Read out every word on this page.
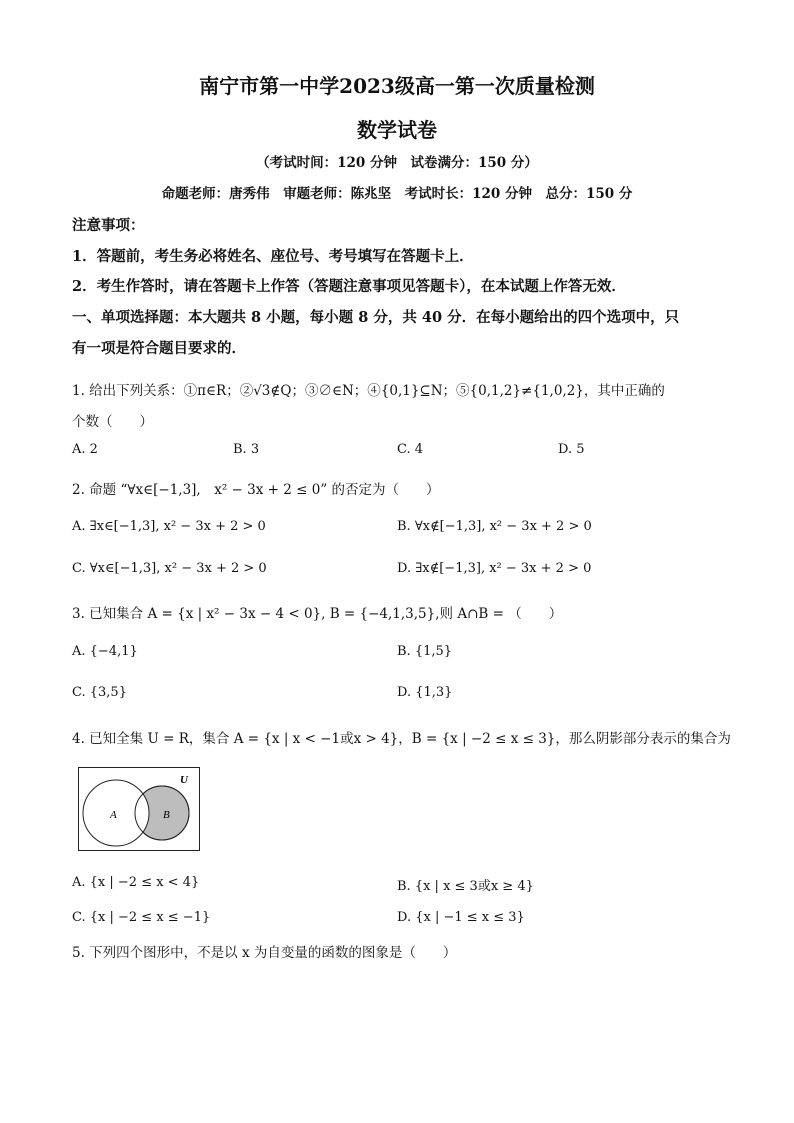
南宁市第一中学2023级高一第一次质量检测
数学试卷
（考试时间：120 分钟　试卷满分：150 分）
命题老师：唐秀伟　审题老师：陈兆坚　考试时长：120 分钟　总分：150 分
注意事项：
1．答题前，考生务必将姓名、座位号、考号填写在答题卡上．
2．考生作答时，请在答题卡上作答（答题注意事项见答题卡），在本试题上作答无效．
一、单项选择题：本大题共 8 小题，每小题 8 分，共 40 分．在每小题给出的四个选项中，只
有一项是符合题目要求的．
1. 给出下列关系：①π∈R；②√3∉Q；③∅∈N；④{0,1}⊆N；⑤{0,1,2}≠{1,0,2}，其中正确的
个数（　　）
A. 2	B. 3	C. 4	D. 5
2. 命题 “∀x∈[−1,3],　x² − 3x + 2 ≤ 0” 的否定为（　　）
A. ∃x∈[−1,3], x² − 3x + 2 > 0	B. ∀x∉[−1,3], x² − 3x + 2 > 0
C. ∀x∈[−1,3], x² − 3x + 2 > 0	D. ∃x∉[−1,3], x² − 3x + 2 > 0
3. 已知集合 A = {x | x² − 3x − 4 < 0}, B = {−4,1,3,5},则 A∩B = （　　）
A. {−4,1}	B. {1,5}
C. {3,5}	D. {1,3}
4. 已知全集 U = R，集合 A = {x | x < −1或x > 4}，B = {x | −2 ≤ x ≤ 3}，那么阴影部分表示的集合为
U
A	B
A. {x | −2 ≤ x < 4}	B. {x | x ≤ 3或x ≥ 4}
C. {x | −2 ≤ x ≤ −1}	D. {x | −1 ≤ x ≤ 3}
5. 下列四个图形中，不是以 x 为自变量的函数的图象是（　　）
